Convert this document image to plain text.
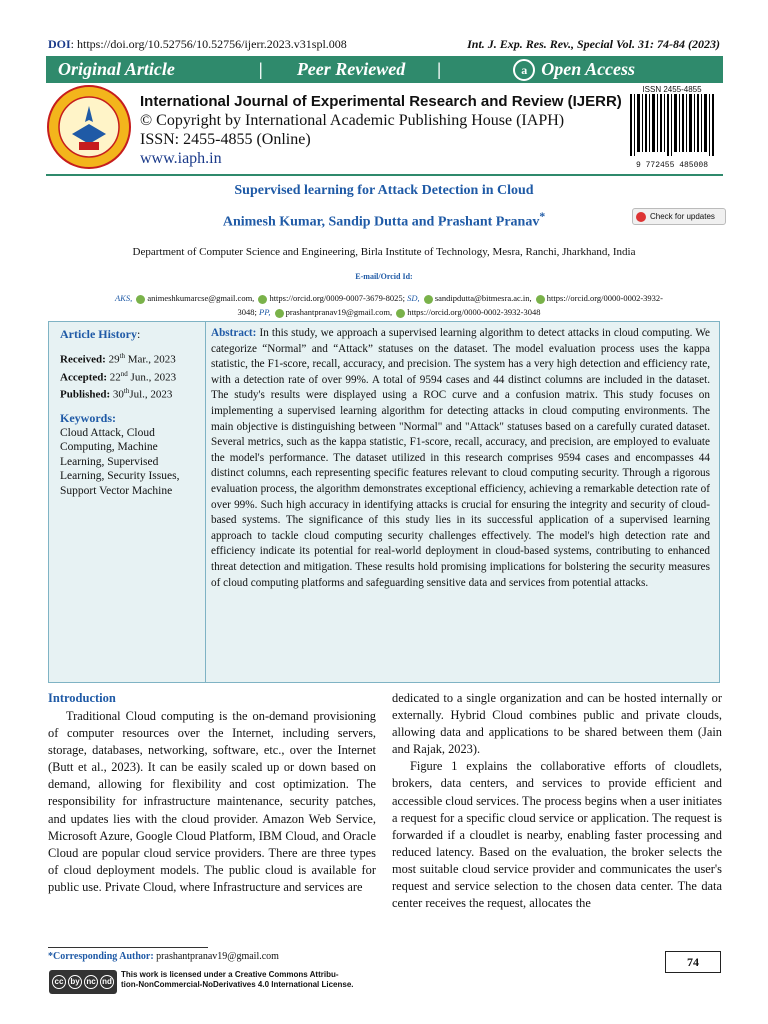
DOI: https://doi.org/10.52756/10.52756/ijerr.2023.v31spl.008	Int. J. Exp. Res. Rev., Special Vol. 31: 74-84 (2023)
Original Article	| Peer Reviewed |	a Open Access
International Journal of Experimental Research and Review (IJERR)
© Copyright by International Academic Publishing House (IAPH)
ISSN: 2455-4855 (Online)
www.iaph.in
ISSN 2455-4855
9 772455 485008
Supervised learning for Attack Detection in Cloud
Animesh Kumar, Sandip Dutta and Prashant Pranav*	Check for updates
Department of Computer Science and Engineering, Birla Institute of Technology, Mesra, Ranchi, Jharkhand, India
E-mail/Orcid Id:
AKS, animeshkumarcse@gmail.com, https://orcid.org/0009-0007-3679-8025; SD, sandipdutta@bitmesra.ac.in, https://orcid.org/0000-0002-3932-
3048; PP, prashantpranav19@gmail.com, https://orcid.org/0000-0002-3932-3048
Article History:
Received: 29th Mar., 2023
Accepted: 22nd Jun., 2023
Published: 30thJul., 2023
Keywords:
Cloud Attack, Cloud Computing, Machine Learning, Supervised Learning, Security Issues, Support Vector Machine
Abstract: In this study, we approach a supervised learning algorithm to detect attacks in cloud computing. We categorize “Normal” and “Attack” statuses on the dataset. The model evaluation process uses the kappa statistic, the F1-score, recall, accuracy, and precision. The system has a very high detection and efficiency rate, with a detection rate of over 99%. A total of 9594 cases and 44 distinct columns are included in the dataset. The study's results were displayed using a ROC curve and a confusion matrix. This study focuses on implementing a supervised learning algorithm for detecting attacks in cloud computing environments. The main objective is distinguishing between "Normal" and "Attack" statuses based on a carefully curated dataset. Several metrics, such as the kappa statistic, F1-score, recall, accuracy, and precision, are employed to evaluate the model's performance. The dataset utilized in this research comprises 9594 cases and encompasses 44 distinct columns, each representing specific features relevant to cloud computing security. Through a rigorous evaluation process, the algorithm demonstrates exceptional efficiency, achieving a remarkable detection rate of over 99%. Such high accuracy in identifying attacks is crucial for ensuring the integrity and security of cloud-based systems. The significance of this study lies in its successful application of a supervised learning approach to tackle cloud computing security challenges effectively. The model's high detection rate and efficiency indicate its potential for real-world deployment in cloud-based systems, contributing to enhanced threat detection and mitigation. These results hold promising implications for bolstering the security measures of cloud computing platforms and safeguarding sensitive data and services from potential attacks.
Introduction

Traditional Cloud computing is the on-demand provisioning of computer resources over the Internet, including servers, storage, databases, networking, software, etc., over the Internet (Butt et al., 2023). It can be easily scaled up or down based on demand, allowing for flexibility and cost optimization. The responsibility for infrastructure maintenance, security patches, and updates lies with the cloud provider. Amazon Web Service, Microsoft Azure, Google Cloud Platform, IBM Cloud, and Oracle Cloud are popular cloud service providers. There are three types of cloud deployment models. The public cloud is available for public use. Private Cloud, where Infrastructure and services are

dedicated to a single organization and can be hosted internally or externally. Hybrid Cloud combines public and private clouds, allowing data and applications to be shared between them (Jain and Rajak, 2023).

Figure 1 explains the collaborative efforts of cloudlets, brokers, data centers, and services to provide efficient and accessible cloud services. The process begins when a user initiates a request for a specific cloud service or application. The request is forwarded if a cloudlet is nearby, enabling faster processing and reduced latency. Based on the evaluation, the broker selects the most suitable cloud service provider and communicates the user's request and service selection to the chosen data center. The data center receives the request, allocates the

*Corresponding Author: prashantpranav19@gmail.com	74
cc by nc nd
This work is licensed under a Creative Commons Attribu-
tion-NonCommercial-NoDerivatives 4.0 International License.
